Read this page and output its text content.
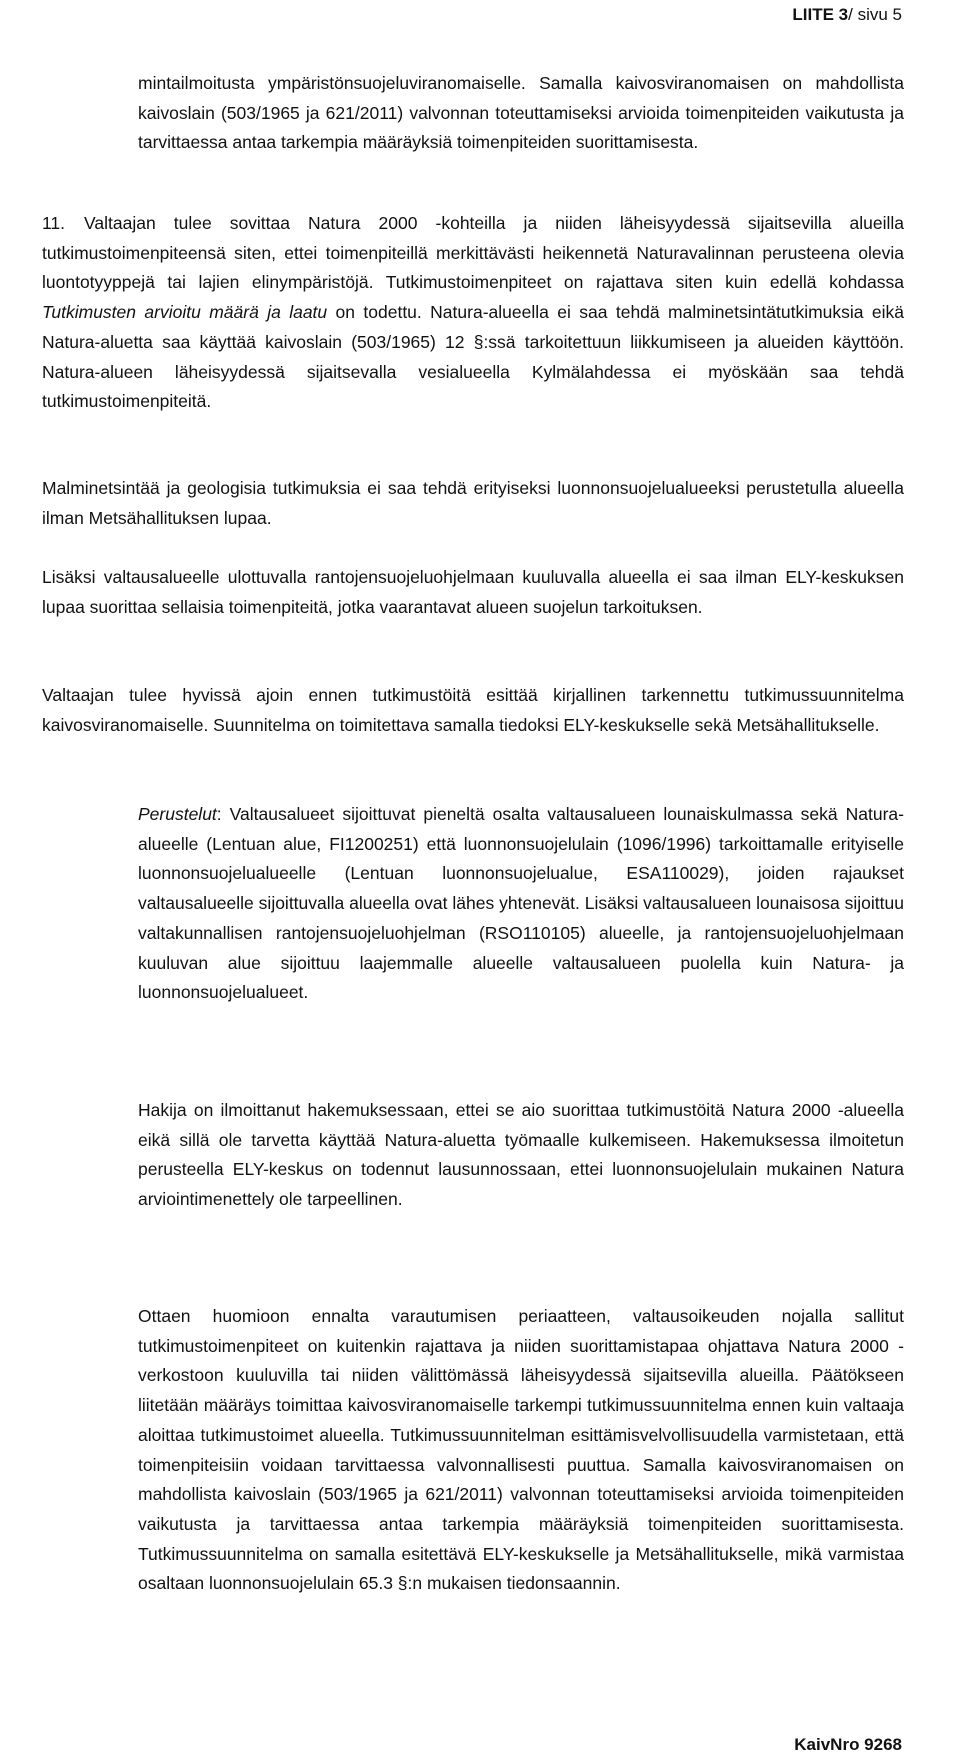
LIITE 3/ sivu 5

mintailmoitusta ympäristönsuojeluviranomaiselle. Samalla kaivosviranomaisen on mahdollista kaivoslain (503/1965 ja 621/2011) valvonnan toteuttamiseksi arvioida toimenpiteiden vaikutusta ja tarvittaessa antaa tarkempia määräyksiä toimenpiteiden suorittamisesta.

11. Valtaajan tulee sovittaa Natura 2000 -kohteilla ja niiden läheisyydessä sijaitsevilla alueilla tutkimustoimenpiteensä siten, ettei toimenpiteillä merkittävästi heikennetä Naturavalinnan perusteena olevia luontotyyppejä tai lajien elinympäristöjä. Tutkimustoimenpiteet on rajattava siten kuin edellä kohdassa Tutkimusten arvioitu määrä ja laatu on todettu. Natura-alueella ei saa tehdä malminetsintätutkimuksia eikä Natura-aluetta saa käyttää kaivoslain (503/1965) 12 §:ssä tarkoitettuun liikkumiseen ja alueiden käyttöön. Natura-alueen läheisyydessä sijaitsevalla vesialueella Kylmälahdessa ei myöskään saa tehdä tutkimustoimenpiteitä.

Malminetsintää ja geologisia tutkimuksia ei saa tehdä erityiseksi luonnonsuojelualueeksi perustetulla alueella ilman Metsähallituksen lupaa.

Lisäksi valtausalueelle ulottuvalla rantojensuojeluohjelmaan kuuluvalla alueella ei saa ilman ELY-keskuksen lupaa suorittaa sellaisia toimenpiteitä, jotka vaarantavat alueen suojelun tarkoituksen.

Valtaajan tulee hyvissä ajoin ennen tutkimustöitä esittää kirjallinen tarkennettu tutkimussuunnitelma kaivosviranomaiselle. Suunnitelma on toimitettava samalla tiedoksi ELY-keskukselle sekä Metsähallitukselle.

Perustelut: Valtausalueet sijoittuvat pieneltä osalta valtausalueen lounaiskulmassa sekä Natura-alueelle (Lentuan alue, FI1200251) että luonnonsuojelulain (1096/1996) tarkoittamalle erityiselle luonnonsuojelualueelle (Lentuan luonnonsuojelualue, ESA110029), joiden rajaukset valtausalueelle sijoittuvalla alueella ovat lähes yhtenevät. Lisäksi valtausalueen lounaisosa sijoittuu valtakunnallisen rantojensuojeluohjelman (RSO110105) alueelle, ja rantojensuojeluohjelmaan kuuluvan alue sijoittuu laajemmalle alueelle valtausalueen puolella kuin Natura- ja luonnonsuojelualueet.

Hakija on ilmoittanut hakemuksessaan, ettei se aio suorittaa tutkimustöitä Natura 2000 -alueella eikä sillä ole tarvetta käyttää Natura-aluetta työmaalle kulkemiseen. Hakemuksessa ilmoitetun perusteella ELY-keskus on todennut lausunnossaan, ettei luonnonsuojelulain mukainen Natura arviointimenettely ole tarpeellinen.

Ottaen huomioon ennalta varautumisen periaatteen, valtausoikeuden nojalla sallitut tutkimustoimenpiteet on kuitenkin rajattava ja niiden suorittamistapaa ohjattava Natura 2000 -verkostoon kuuluvilla tai niiden välittömässä läheisyydessä sijaitsevilla alueilla. Päätökseen liitetään määräys toimittaa kaivosviranomaiselle tarkempi tutkimussuunnitelma ennen kuin valtaaja aloittaa tutkimustoimet alueella. Tutkimussuunnitelman esittämisvelvollisuudella varmistetaan, että toimenpiteisiin voidaan tarvittaessa valvonnallisesti puuttua. Samalla kaivosviranomaisen on mahdollista kaivoslain (503/1965 ja 621/2011) valvonnan toteuttamiseksi arvioida toimenpiteiden vaikutusta ja tarvittaessa antaa tarkempia määräyksiä toimenpiteiden suorittamisesta. Tutkimussuunnitelma on samalla esitettävä ELY-keskukselle ja Metsähallitukselle, mikä varmistaa osaltaan luonnonsuojelulain 65.3 §:n mukaisen tiedonsaannin.

KaivNro 9268
